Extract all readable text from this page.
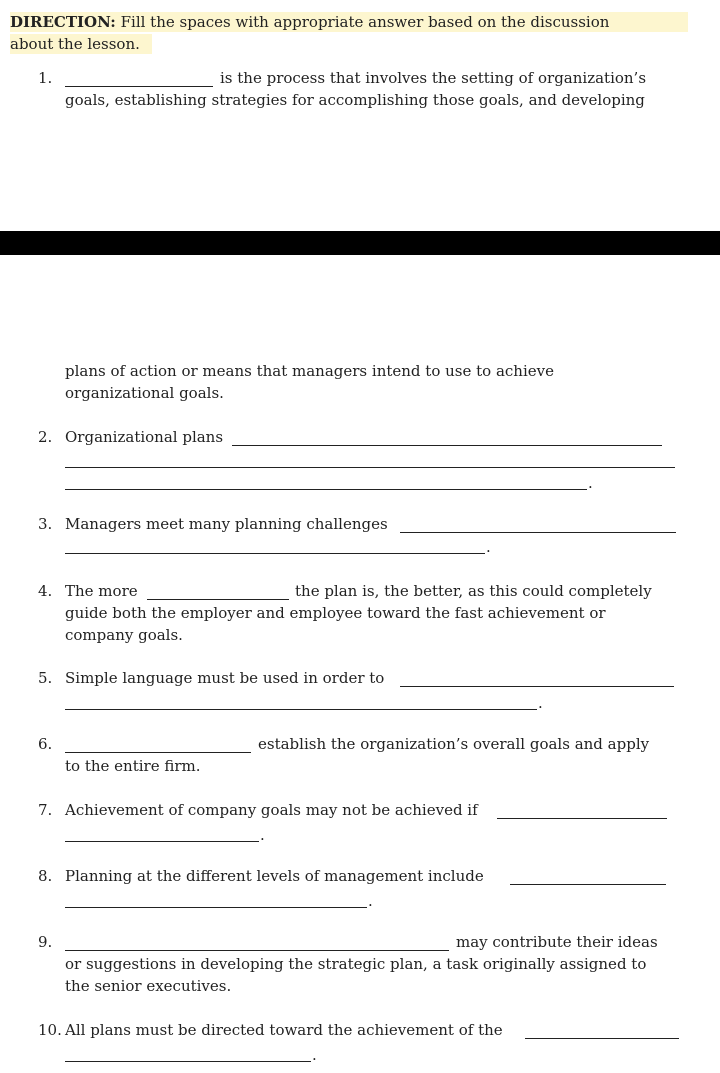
DIRECTION: Fill the spaces with appropriate answer based on the discussion
about the lesson.
1.	is the process that involves the setting of organization’s
goals, establishing strategies for accomplishing those goals, and developing
plans of action or means that managers intend to use to achieve
organizational goals.
2. Organizational plans
.
3. Managers meet many planning challenges
.
4. The more	the plan is, the better, as this could completely
guide both the employer and employee toward the fast achievement or
company goals.
5. Simple language must be used in order to
.
6.	establish the organization’s overall goals and apply
to the entire firm.
7. Achievement of company goals may not be achieved if
.
8. Planning at the different levels of management include
.
9.	may contribute their ideas
or suggestions in developing the strategic plan, a task originally assigned to
the senior executives.
10. All plans must be directed toward the achievement of the
.
